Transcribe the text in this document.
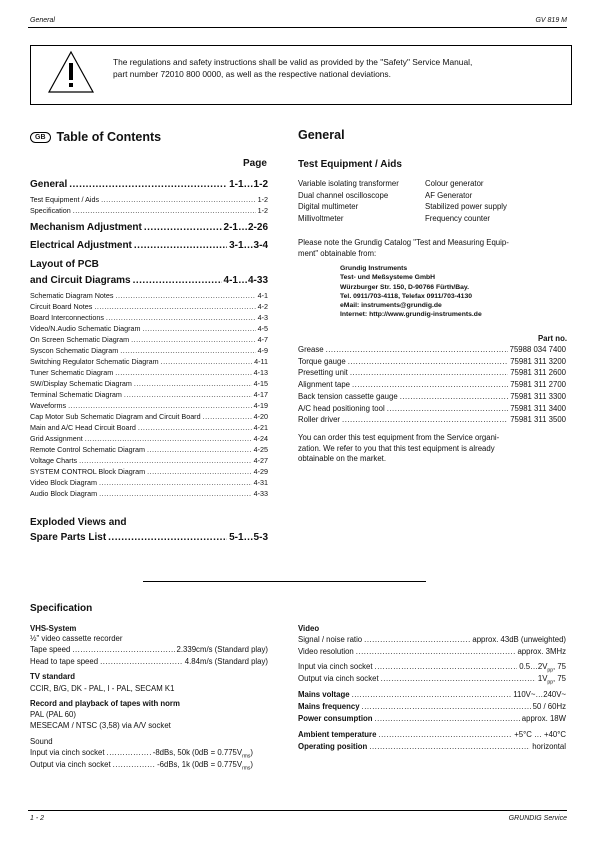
General	GV 819 M
The regulations and safety instructions shall be valid as provided by the "Safety" Service Manual,
part number 72010 800 0000, as well as the respective national deviations.
GB Table of Contents
Page
General .....	1-1…1-2
Test Equipment / Aids .....	1-2
Specification .....	1-2
Mechanism Adjustment .....	2-1…2-26
Electrical Adjustment .....	3-1…3-4
Layout of PCB
and Circuit Diagrams .....	4-1…4-33
Schematic Diagram Notes .....	4-1
Circuit Board Notes .....	4-2
Board Interconnections .....	4-3
Video/N.Audio Schematic Diagram .....	4-5
On Screen Schematic Diagram .....	4-7
Syscon Schematic Diagram .....	4-9
Switching Regulator Schematic Diagram .....	4-11
Tuner Schematic Diagram .....	4-13
SW/Display Schematic Diagram .....	4-15
Terminal Schematic Diagram .....	4-17
Waveforms .....	4-19
Cap Motor Sub Schematic Diagram and Circuit Board .....	4-20
Main and A/C Head Circuit Board .....	4-21
Grid Assignment .....	4-24
Remote Control Schematic Diagram .....	4-25
Voltage Charts .....	4-27
SYSTEM CONTROL Block Diagram .....	4-29
Video Block Diagram .....	4-31
Audio Block Diagram .....	4-33
Exploded Views and
Spare Parts List .....	5-1…5-3
General
Test Equipment / Aids
Variable isolating transformer
Dual channel oscilloscope
Digital multimeter
Millivoltmeter
Colour generator
AF Generator
Stabilized power supply
Frequency counter
Please note the Grundig Catalog "Test and Measuring Equip-
ment" obtainable from:
Grundig Instruments
Test- und Meßsysteme GmbH
Würzburger Str. 150, D-90766 Fürth/Bay.
Tel. 0911/703-4118, Telefax 0911/703-4130
eMail: instruments@grundig.de
Internet: http://www.grundig-instruments.de
Part no.
Grease .....	75988 034 7400
Torque gauge .....	75981 311 3200
Presetting unit .....	75981 311 2600
Alignment tape .....	75981 311 2700
Back tension cassette gauge .....	75981 311 3300
A/C head positioning tool .....	75981 311 3400
Roller driver .....	75981 311 3500
You can order this test equipment from the Service organi-
zation. We refer to you that this test equipment is already
obtainable on the market.
Specification
VHS-System
½" video cassette recorder
Tape speed .....	2.339cm/s (Standard play)
Head to tape speed .....	4.84m/s (Standard play)
TV standard
CCIR, B/G, DK - PAL, I - PAL, SECAM K1
Record and playback of tapes with norm
PAL (PAL 60)
MESECAM / NTSC (3,58) via A/V socket
Sound
Input via cinch socket .....	-8dBs, 50k $(0dB = 0.775V_{rms})$
Output via cinch socket .....	-6dBs, 1k $(0dB = 0.775V_{rms})$
Video
Signal / noise ratio .....	approx. 43dB (unweighted)
Video resolution .....	approx. 3MHz
Input via cinch socket .....	$0.5\dots 2V_{pp}$, 75
Output via cinch socket .....	$1V_{pp}$, 75
Mains voltage .....	110V~…240V~
Mains frequency .....	50 / 60Hz
Power consumption .....	approx. 18W
Ambient temperature .....	+5°C … +40°C
Operating position .....	horizontal
1 - 2	GRUNDIG Service
